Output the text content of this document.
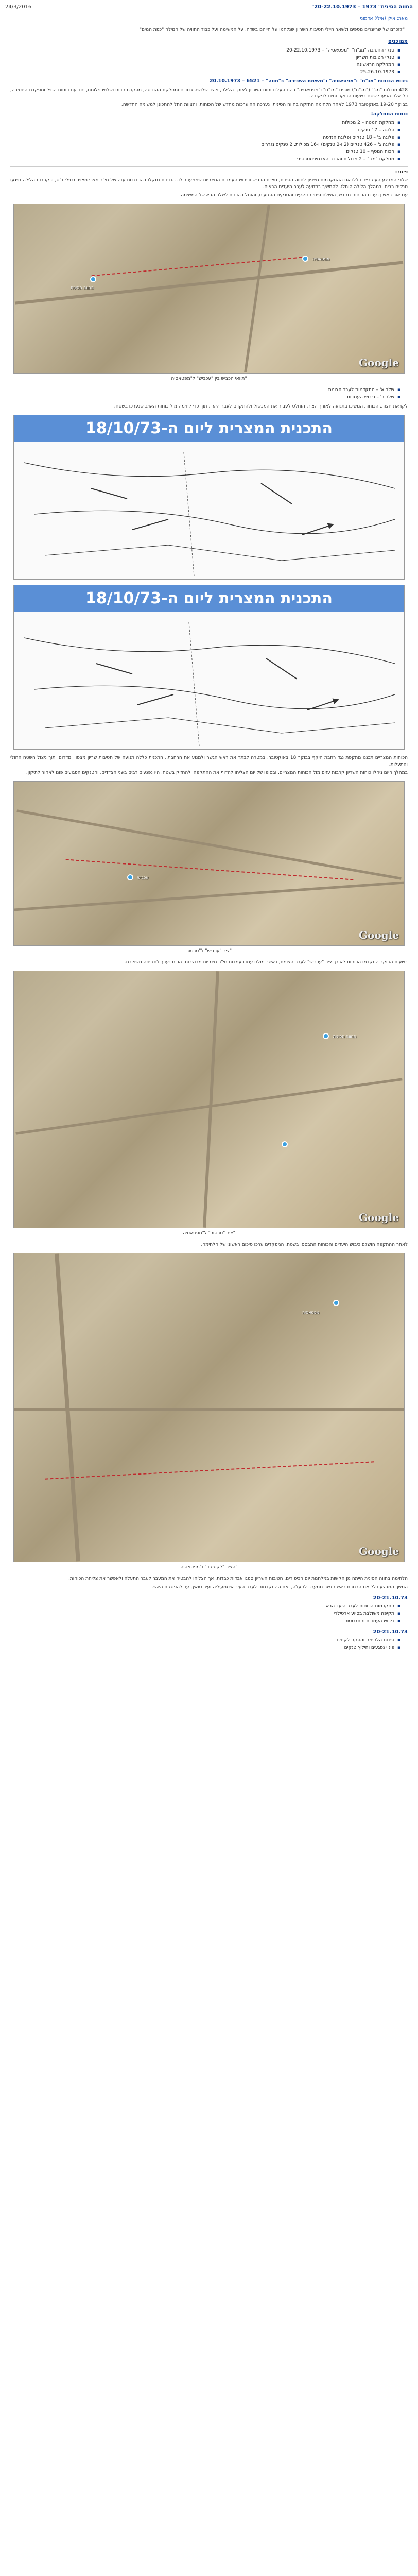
24/3/2016	"החווה הסינית" 1973 – 20-22.10.1973
מאת: אילן (אילי) אדמוני
"לזכרם של שריונרים נוספים ולשאר חיילי חטיבות השריון שנלחמו על חייהם בשדה, על המשימה ועל כבוד החוויה של המילה "כפת המים"
ממוכנים
▪ טנקי החטיבה "מג"ח" ו"מפטאסיה" – 20-22.10.1973
▪ טנקי חטיבות השריון
▪ המחלקה הראשונה
▪ 25-26.10.1973
גיבוש הכוחות "מג"ח" ו"מפטאסיה" ו"משימת השבירה" ב"חווה" – 6521 – 20.10.1973

428 מכולות "מג'" ("מג"ח") מורים "מג"ח" ו"מפטאסיה" בהם פעלו כוחות השריון לאורך הלילה, ולצד שלושה גדודים ומחלקת ההנדסה, מפקדת הכוח ושלוש פלוגות, יחד עם כוחות החיל ומפקדת החטיבה, כל אלה הגיעו לשטח בשעות הבוקר וחיכו לפקודה.

בבוקר 19-20 באוקטובר 1973 לאחר הלחימה החזקה בחווה הסינית, נערכה ההיערכות מחדש של הכוחות, והצוות החל להתכונן למשימה החדשה.

כוחות המחלקה:
▪ מחלקת המטה – 2 מכולות
▪ פלוגה – 17 טנקים
▪ פלוגה ב' – 18 טנקים ופלוגת הנדסה
▪ פלוגה ג' – 426 טנקים (2 ו-2 טנקים) ו-16 מכולות, 2 טנקים נגררים
▪ הכוח הנוסף – 10 טנקים
▪ מחלקת "מג'" – 2 מכולות והרכב האדמיניסטרטיבי
פיזור:

שלבי המבצע העיקריים כללו את ההתקדמות מצפון לחווה הסינית, חציית הכביש וכיבוש העמדות המצריות שממערב לו. הכוחות נתקלו בהתנגדות עזה של חי"ר מצרי מצויד בטילי נ"ט, ובקרבות הלילה נפגעו טנקים רבים. במהלך הלילה הוחלט להמשיך בתנועה לעבר היעדים הבאים.

עם אור ראשון נערכו הכוחות מחדש, הושלם פינוי הנפגעים והטנקים הפגועים, והוחל בהכנות לשלב הבא של המשימה.

החווה הסינית
מפטאסיה
Google
תוואי הכביש בין "עכביש" ל"מפטאסיה"
▪ שלב א' – התקדמות לעבר הצומת
▪ שלב ב' – כיבוש העמדות

לקראת חצות, הכוחות המשיכו בתנועה לאורך הציר. הוחלט לעבור את המכשול ולהתקדם לעבר היעד, תוך כדי לחימה מול כוחות האויב שנערכו בשטח.

התכנית המצרית ליום ה-18/10/73
התכנית המצרית ליום ה-18/10/73

הכוחות המצריים תכננו מתקפת נגד רחבת היקף בבוקר 18 באוקטובר, במטרה לבתר את ראש הגשר ולמנוע את הרחבתו. התכנית כללה תנועה של חטיבות שריון מצפון ומדרום, תוך ניצול השטח החולי והתעלות.

במהלך היום ניהלו כוחות השריון קרבות עזים מול הכוחות המצריים, ובסופו של יום הצליחו להדוף את ההתקפה ולהחזיק בשטח. היו נפגעים רבים בשני הצדדים, והטנקים הפגועים פונו לאחור לתיקון.

עכביש
Google
ציר "עכביש" ל"טרטור"

בשעות הבוקר התקדמו הכוחות לאורך ציר "עכביש" לעבר הצומת, כאשר מולם עמדו עמדות חי"ר מצריות מבוצרות. הכוח נערך לתקיפה משולבת.

החווה הסינית
Google
ציר "טרטור" ל"מפטאסיה"

לאחר ההתקפה הושלם כיבוש היעדים והכוחות התבססו בשטח. המפקדים ערכו סיכום ראשוני של הלחימה.

מפטאסיה
Google
הציר "לקסיקון" ו"מפטאסיה"

הלחימה בחווה הסינית הייתה מן הקשות במלחמת יום הכיפורים. חטיבות השריון ספגו אבדות כבדות, אך הצליחו להבטיח את המעבר לעבר התעלה ולאפשר את צליחת הכוחות.

המשך המבצע כלל את הרחבת ראש הגשר ממערב לתעלה, ואת ההתקדמות לעבר העיר איסמעיליה ועיר סואץ, עד להפסקת האש.

20-21.10.73
▪ התקדמות הכוחות לעבר היעד הבא
▪ תקיפה משולבת בסיוע ארטילרי
▪ כיבוש העמדות והתבססות
20-21.10.73
▪ סיכום הלחימה והפקת לקחים
▪ פינוי נפגעים וחילוץ טנקים
